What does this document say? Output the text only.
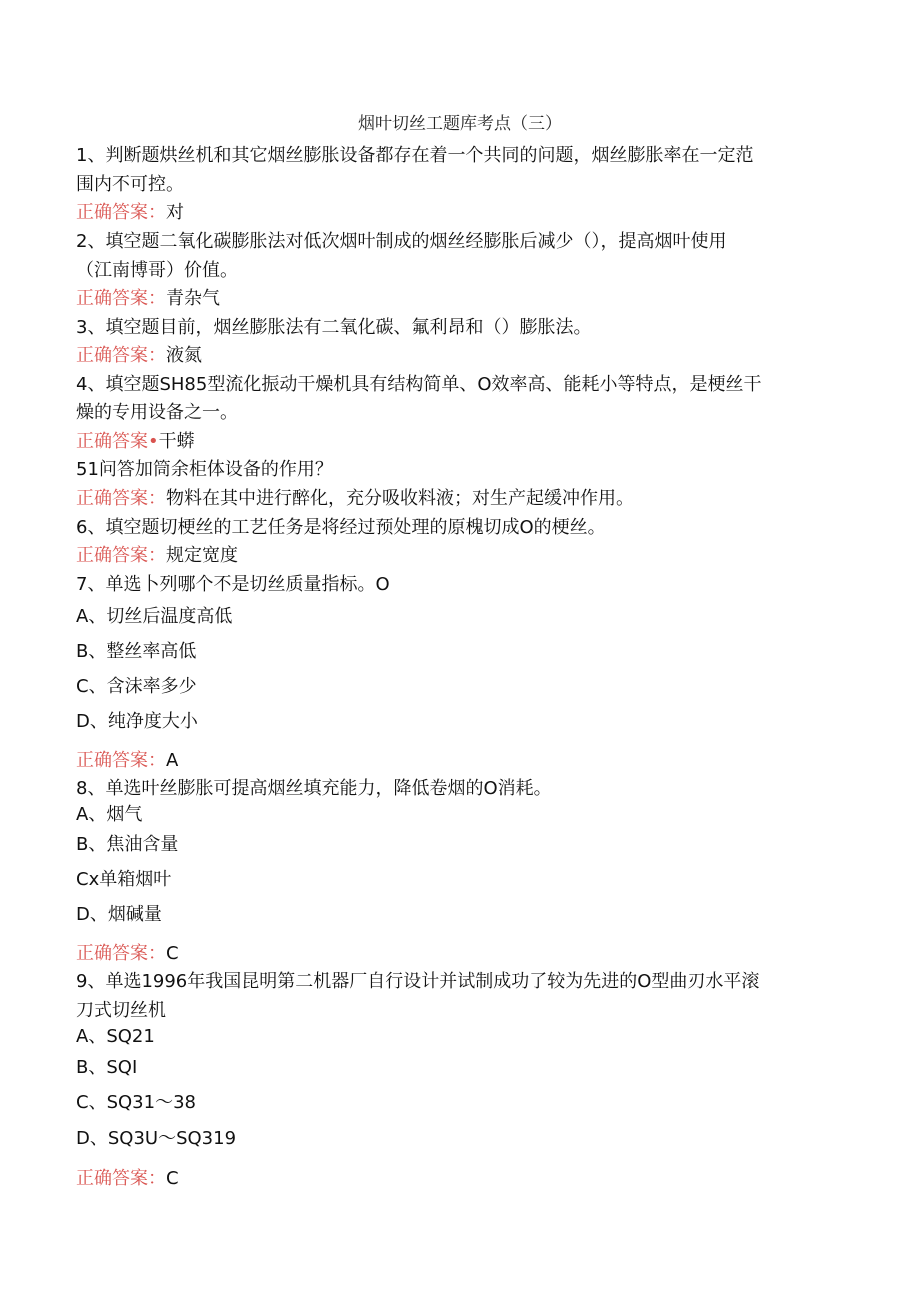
烟叶切丝工题库考点（三）
1、判断题烘丝机和其它烟丝膨胀设备都存在着一个共同的问题，烟丝膨胀率在一定范
围内不可控。
正确答案：对
2、填空题二氧化碳膨胀法对低次烟叶制成的烟丝经膨胀后减少（），提高烟叶使用
（江南博哥）价值。
正确答案：青杂气
3、填空题目前，烟丝膨胀法有二氧化碳、氟利昂和（）膨胀法。
正确答案：液氮
4、填空题SH85型流化振动干燥机具有结构简单、O效率高、能耗小等特点，是梗丝干
燥的专用设备之一。
正确答案•干蟒
51问答加筒余柜体设备的作用？
正确答案：物料在其中进行醉化，充分吸收料液；对生产起缓冲作用。
6、填空题切梗丝的工艺任务是将经过预处理的原槐切成O的梗丝。
正确答案：规定宽度
7、单选卜列哪个不是切丝质量指标。O
A、切丝后温度高低
B、整丝率高低
C、含沫率多少
D、纯净度大小
正确答案：A
8、单选叶丝膨胀可提高烟丝填充能力，降低卷烟的O消耗。
A、烟气
B、焦油含量
Cx单箱烟叶
D、烟碱量
正确答案：C
9、单选1996年我国昆明第二机器厂自行设计并试制成功了较为先进的O型曲刃水平滚
刀式切丝机
A、SQ21
B、SQI
C、SQ31～38
D、SQ3U～SQ319
正确答案：C
